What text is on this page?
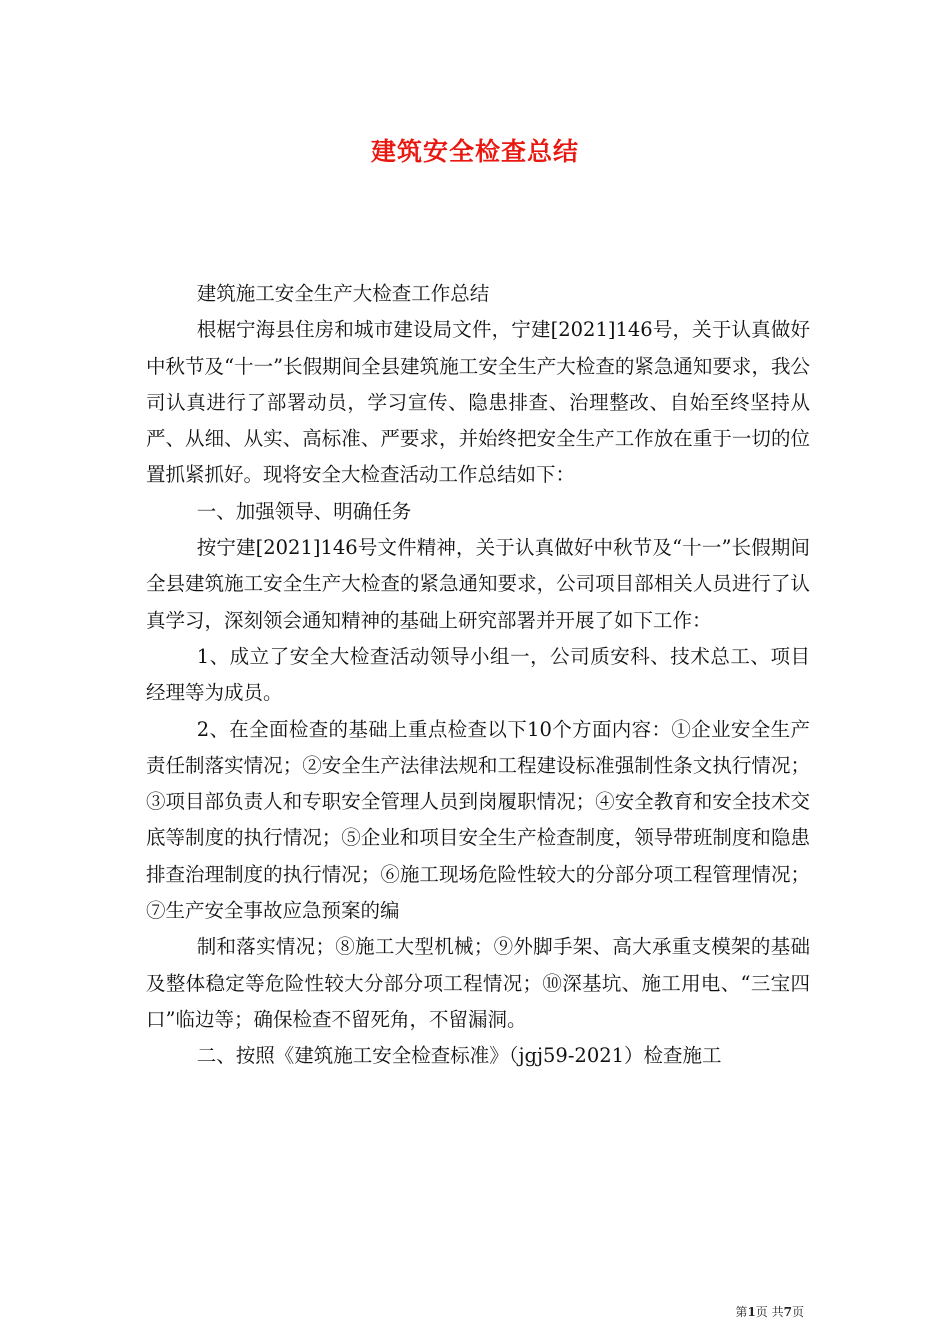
建筑安全检查总结

建筑施工安全生产大检查工作总结

根椐宁海县住房和城市建设局文件，宁建[2021]146号，关于认真做好中秋节及“十一”长假期间全县建筑施工安全生产大检查的紧急通知要求，我公司认真进行了部署动员，学习宣传、隐患排查、治理整改、自始至终坚持从严、从细、从实、高标准、严要求，并始终把安全生产工作放在重于一切的位置抓紧抓好。现将安全大检查活动工作总结如下：

一、加强领导、明确任务

按宁建[2021]146号文件精神，关于认真做好中秋节及“十一”长假期间全县建筑施工安全生产大检查的紧急通知要求，公司项目部相关人员进行了认真学习，深刻领会通知精神的基础上研究部署并开展了如下工作：

1、成立了安全大检查活动领导小组一，公司质安科、技术总工、项目经理等为成员。

2、在全面检查的基础上重点检查以下10个方面内容：①企业安全生产责任制落实情况；②安全生产法律法规和工程建设标准强制性条文执行情况；③项目部负责人和专职安全管理人员到岗履职情况；④安全教育和安全技术交底等制度的执行情况；⑤企业和项目安全生产检查制度，领导带班制度和隐患排查治理制度的执行情况；⑥施工现场危险性较大的分部分项工程管理情况；⑦生产安全事故应急预案的编

制和落实情况；⑧施工大型机械；⑨外脚手架、高大承重支模架的基础及整体稳定等危险性较大分部分项工程情况；⑩深基坑、施工用电、“三宝四口”临边等；确保检查不留死角，不留漏洞。

二、按照《建筑施工安全检查标准》（jgj59-2021）检查施工

第1页 共7页
